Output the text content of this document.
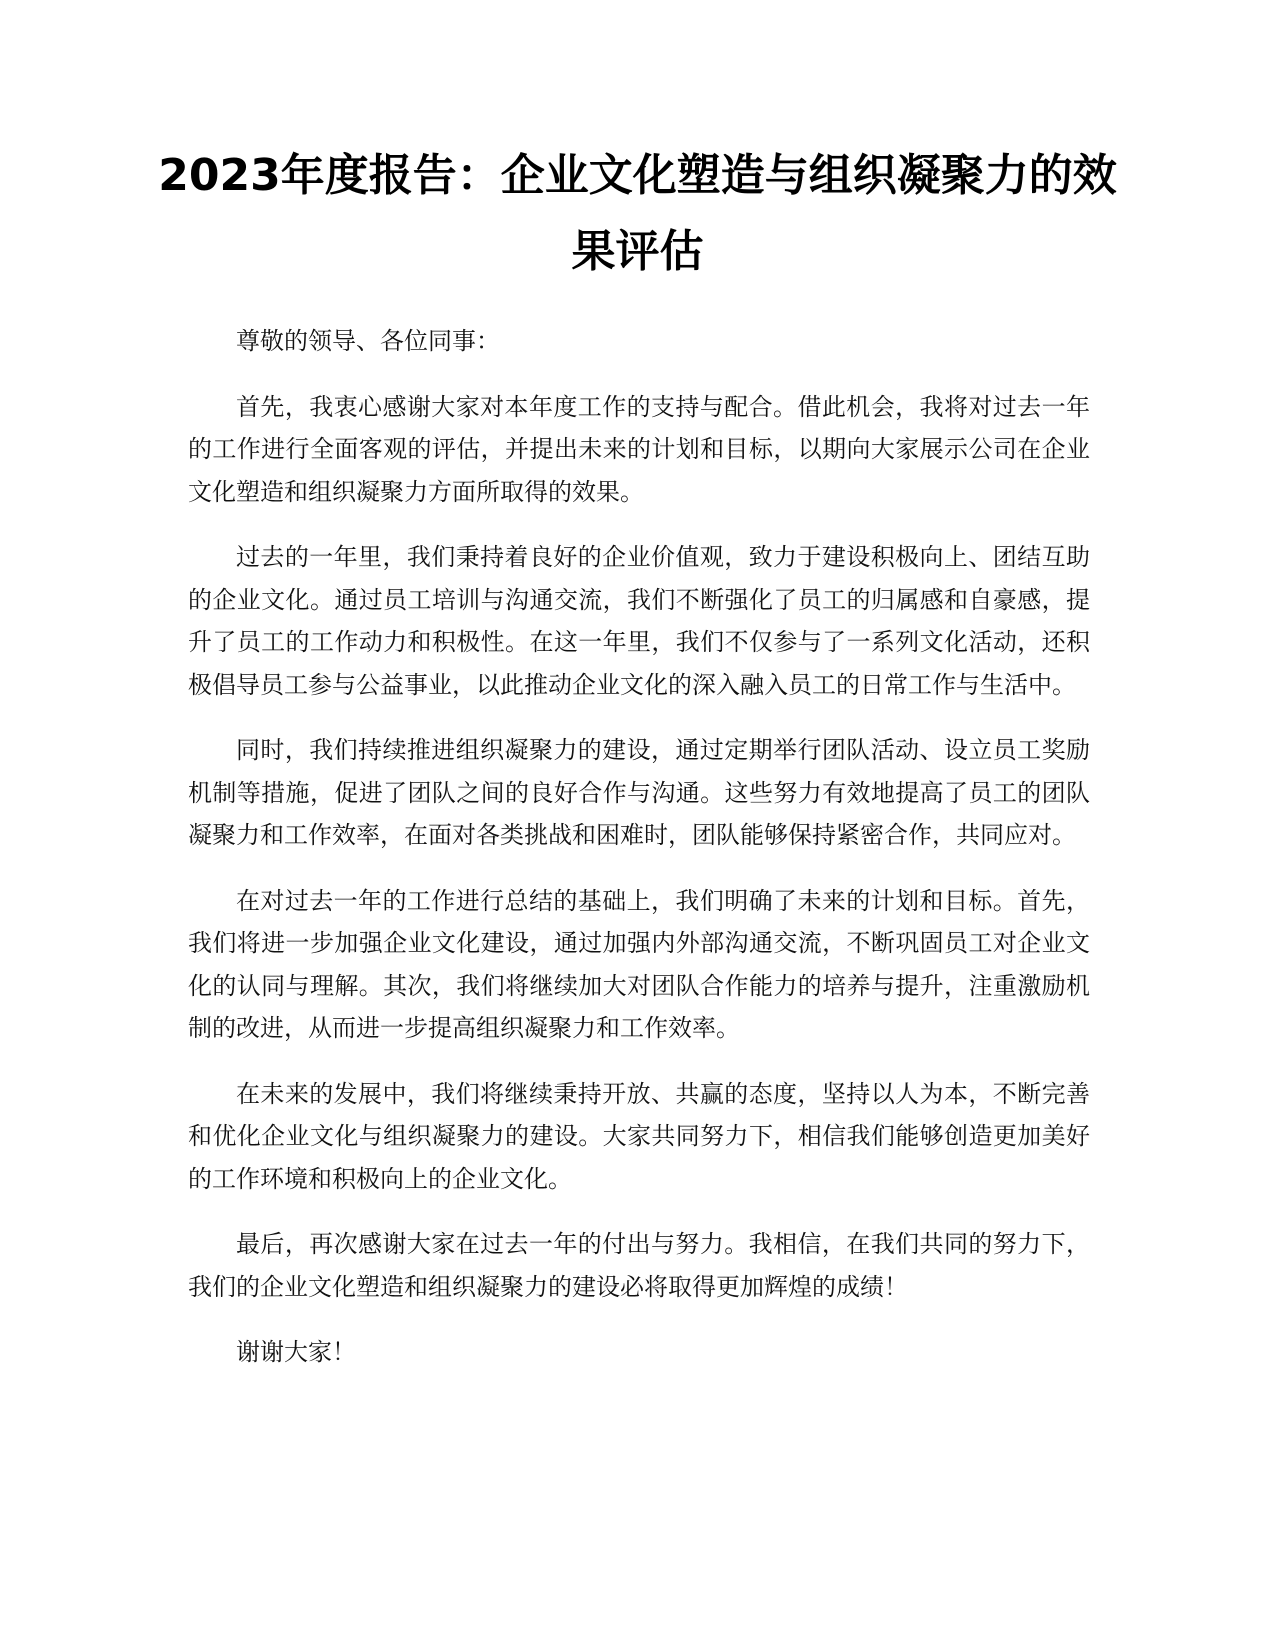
2023年度报告：企业文化塑造与组织凝聚力的效果评估

尊敬的领导、各位同事：

首先，我衷心感谢大家对本年度工作的支持与配合。借此机会，我将对过去一年的工作进行全面客观的评估，并提出未来的计划和目标，以期向大家展示公司在企业文化塑造和组织凝聚力方面所取得的效果。

过去的一年里，我们秉持着良好的企业价值观，致力于建设积极向上、团结互助的企业文化。通过员工培训与沟通交流，我们不断强化了员工的归属感和自豪感，提升了员工的工作动力和积极性。在这一年里，我们不仅参与了一系列文化活动，还积极倡导员工参与公益事业，以此推动企业文化的深入融入员工的日常工作与生活中。

同时，我们持续推进组织凝聚力的建设，通过定期举行团队活动、设立员工奖励机制等措施，促进了团队之间的良好合作与沟通。这些努力有效地提高了员工的团队凝聚力和工作效率，在面对各类挑战和困难时，团队能够保持紧密合作，共同应对。

在对过去一年的工作进行总结的基础上，我们明确了未来的计划和目标。首先，我们将进一步加强企业文化建设，通过加强内外部沟通交流，不断巩固员工对企业文化的认同与理解。其次，我们将继续加大对团队合作能力的培养与提升，注重激励机制的改进，从而进一步提高组织凝聚力和工作效率。

在未来的发展中，我们将继续秉持开放、共赢的态度，坚持以人为本，不断完善和优化企业文化与组织凝聚力的建设。大家共同努力下，相信我们能够创造更加美好的工作环境和积极向上的企业文化。

最后，再次感谢大家在过去一年的付出与努力。我相信，在我们共同的努力下，我们的企业文化塑造和组织凝聚力的建设必将取得更加辉煌的成绩！

谢谢大家！
